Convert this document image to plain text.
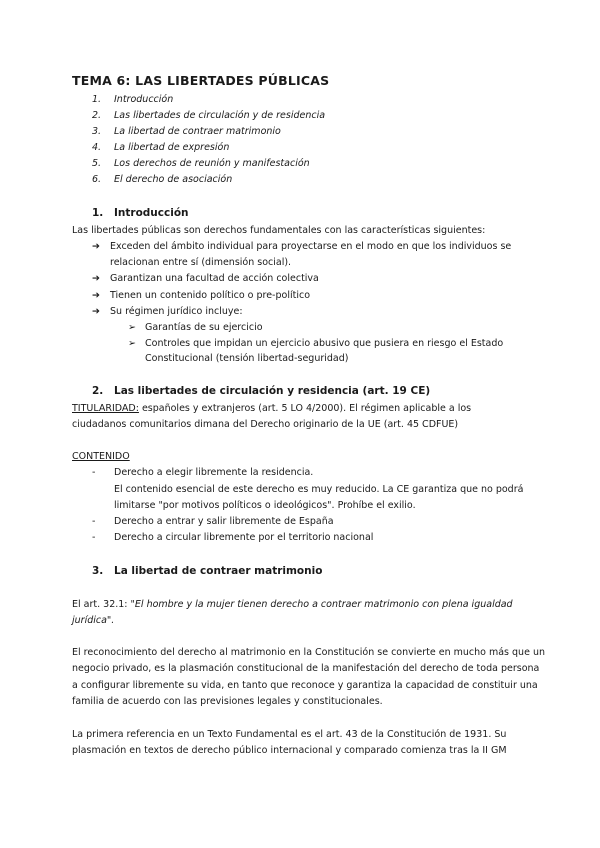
TEMA 6: LAS LIBERTADES PÚBLICAS
1. Introducción
2. Las libertades de circulación y de residencia
3. La libertad de contraer matrimonio
4. La libertad de expresión
5. Los derechos de reunión y manifestación
6. El derecho de asociación
1. Introducción
Las libertades públicas son derechos fundamentales con las características siguientes:
➔ Exceden del ámbito individual para proyectarse en el modo en que los individuos se
relacionan entre sí (dimensión social).
➔ Garantizan una facultad de acción colectiva
➔ Tienen un contenido político o pre-político
➔ Su régimen jurídico incluye:
➢ Garantías de su ejercicio
➢ Controles que impidan un ejercicio abusivo que pusiera en riesgo el Estado
Constitucional (tensión libertad-seguridad)
2. Las libertades de circulación y residencia (art. 19 CE)
TITULARIDAD: españoles y extranjeros (art. 5 LO 4/2000). El régimen aplicable a los
ciudadanos comunitarios dimana del Derecho originario de la UE (art. 45 CDFUE)
CONTENIDO
- Derecho a elegir libremente la residencia.
El contenido esencial de este derecho es muy reducido. La CE garantiza que no podrá
limitarse "por motivos políticos o ideológicos". Prohíbe el exilio.
- Derecho a entrar y salir libremente de España
- Derecho a circular libremente por el territorio nacional
3. La libertad de contraer matrimonio
El art. 32.1: "El hombre y la mujer tienen derecho a contraer matrimonio con plena igualdad
jurídica".
El reconocimiento del derecho al matrimonio en la Constitución se convierte en mucho más que un
negocio privado, es la plasmación constitucional de la manifestación del derecho de toda persona
a configurar libremente su vida, en tanto que reconoce y garantiza la capacidad de constituir una
familia de acuerdo con las previsiones legales y constitucionales.
La primera referencia en un Texto Fundamental es el art. 43 de la Constitución de 1931. Su
plasmación en textos de derecho público internacional y comparado comienza tras la II GM
